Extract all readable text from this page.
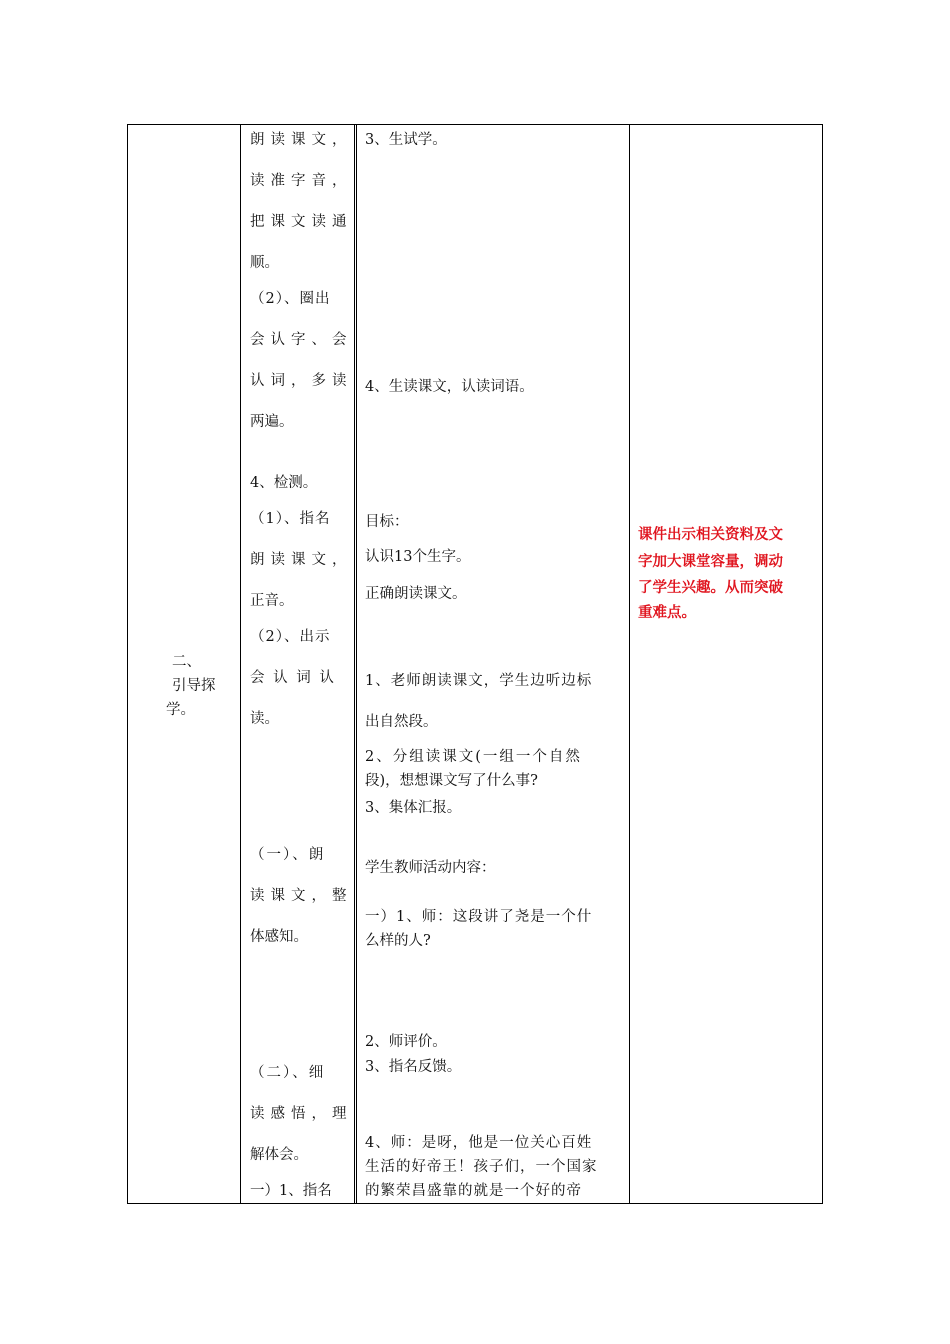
二、
引导探
学。
朗读课文，
读准字音，
把课文读通
顺。
（2）、圈出
会认字、会
认词，多读
两遍。
4、检测。
（1）、指名
朗读课文，
正音。
（2）、出示
会 认 词 认
读。
（一）、朗
读课文，整
体感知。
（二）、细
读感悟，理
解体会。
一）1、指名
3、生试学。
4、生读课文，认读词语。
目标：
认识13个生字。
正确朗读课文。
1、老师朗读课文，学生边听边标
出自然段。
2、分组读课文(一组一个自然
段)，想想课文写了什么事?
3、集体汇报。
学生教师活动内容：
一）1、师：这段讲了尧是一个什
么样的人?
2、师评价。
3、指名反馈。
4、师：是呀，他是一位关心百姓
生活的好帝王！孩子们，一个国家
的繁荣昌盛靠的就是一个好的帝
课件出示相关资料及文
字加大课堂容量，调动
了学生兴趣。从而突破
重难点。
